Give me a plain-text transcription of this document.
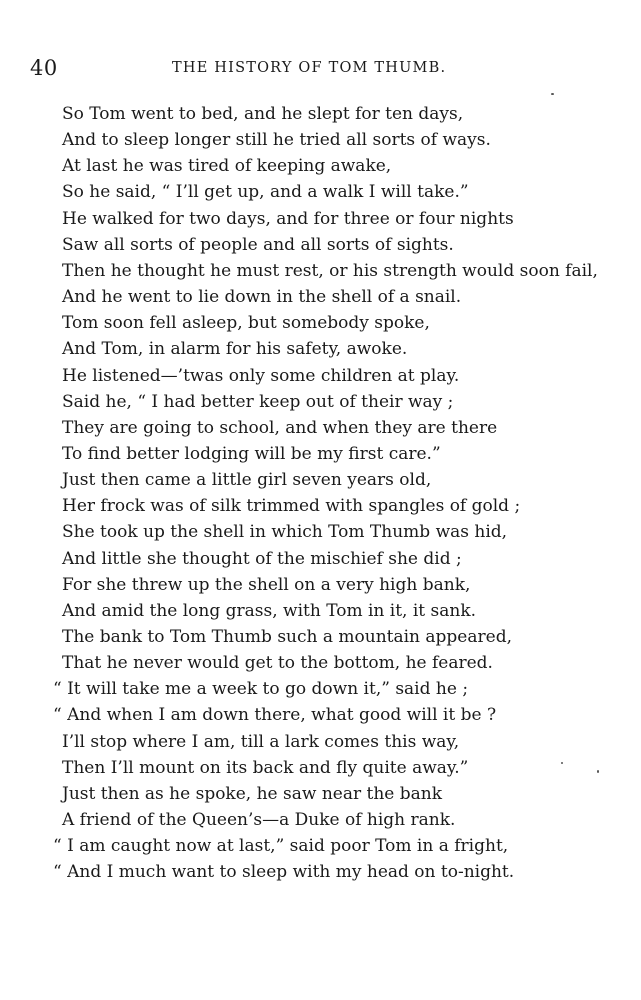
40	THE HISTORY OF TOM THUMB.
So Tom went to bed, and he slept for ten days,
And to sleep longer still he tried all sorts of ways.
At last he was tired of keeping awake,
So he said, “ I’ll get up, and a walk I will take.”
He walked for two days, and for three or four nights
Saw all sorts of people and all sorts of sights.
Then he thought he must rest, or his strength would soon fail,
And he went to lie down in the shell of a snail.
Tom soon fell asleep, but somebody spoke,
And Tom, in alarm for his safety, awoke.
He listened—’twas only some children at play.
Said he, “ I had better keep out of their way ;
They are going to school, and when they are there
To find better lodging will be my first care.”
Just then came a little girl seven years old,
Her frock was of silk trimmed with spangles of gold ;
She took up the shell in which Tom Thumb was hid,
And little she thought of the mischief she did ;
For she threw up the shell on a very high bank,
And amid the long grass, with Tom in it, it sank.
The bank to Tom Thumb such a mountain appeared,
That he never would get to the bottom, he feared.
“ It will take me a week to go down it,” said he ;
“ And when I am down there, what good will it be ?
I’ll stop where I am, till a lark comes this way,
Then I’ll mount on its back and fly quite away.”
Just then as he spoke, he saw near the bank
A friend of the Queen’s—a Duke of high rank.
“ I am caught now at last,” said poor Tom in a fright,
“ And I much want to sleep with my head on to-night.
